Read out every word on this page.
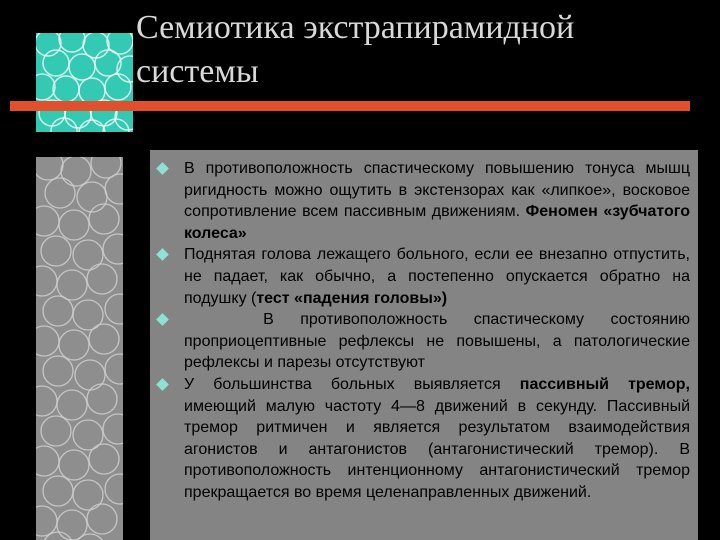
Семиотика экстрапирамидной системы

В противоположность спастическому повышению тонуса мышц ригидность можно ощутить в экстензорах как «липкое», восковое сопротивление всем пассивным движениям. Феномен «зубчатого колеса»

Поднятая голова лежащего больного, если ее внезапно отпустить, не падает, как обычно, а постепенно опускается обратно на подушку (тест «падения головы»)

В противоположность спастическому состоянию проприоцептивные рефлексы не повышены, а патологические рефлексы и парезы отсутствуют

У большинства больных выявляется пассивный тремор, имеющий малую частоту 4—8 движений в секунду. Пассивный тремор ритмичен и является результатом взаимодействия агонистов и антагонистов (антагонистический тремор). В противоположность интенционному антагонистический тремор прекращается во время целенаправленных движений.
